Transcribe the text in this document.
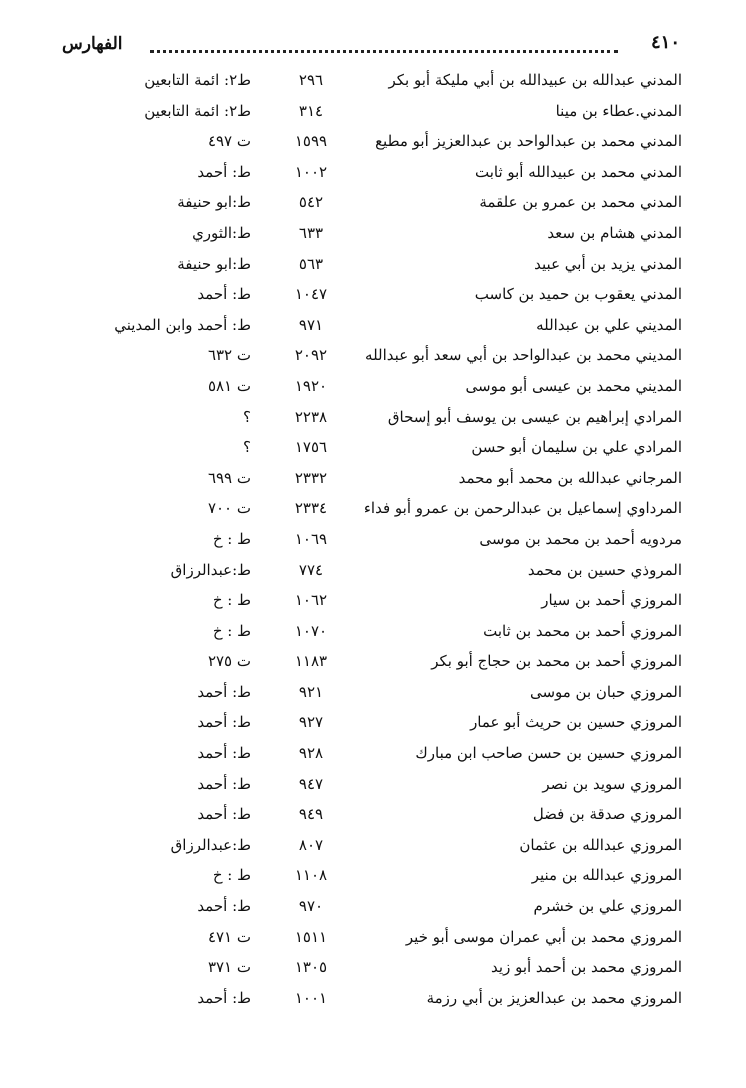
٤١٠
الفهارس
المدني عبدالله بن عبيدالله بن أبي مليكة أبو بكر
٢٩٦
ط٢: ائمة التابعين
المدني.عطاء بن مينا
٣١٤
ط٢: ائمة التابعين
المدني محمد بن عبدالواحد بن عبدالعزيز أبو مطيع
١٥٩٩
ت ٤٩٧
المدني محمد بن عبيدالله أبو ثابت
١٠٠٢
ط: أحمد
المدني محمد بن عمرو بن علقمة
٥٤٢
ط:ابو حنيفة
المدني هشام بن سعد
٦٣٣
ط:الثوري
المدني يزيد بن أبي عبيد
٥٦٣
ط:ابو حنيفة
المدني يعقوب بن حميد بن كاسب
١٠٤٧
ط: أحمد
المديني علي بن عبدالله
٩٧١
ط: أحمد وابن المديني
المديني محمد بن عبدالواحد بن أبي سعد أبو عبدالله
٢٠٩٢
ت ٦٣٢
المديني محمد بن عيسى أبو موسى
١٩٢٠
ت ٥٨١
المرادي إبراهيم بن عيسى بن يوسف أبو إسحاق
٢٢٣٨
؟
المرادي علي بن سليمان أبو حسن
١٧٥٦
؟
المرجاني عبدالله بن محمد أبو محمد
٢٣٣٢
ت ٦٩٩
المرداوي إسماعيل بن عبدالرحمن بن عمرو أبو فداء
٢٣٣٤
ت ٧٠٠
مردويه أحمد بن محمد بن موسى
١٠٦٩
ط : خ
المروذي حسين بن محمد
٧٧٤
ط:عبدالرزاق
المروزي أحمد بن سيار
١٠٦٢
ط : خ
المروزي أحمد بن محمد بن ثابت
١٠٧٠
ط : خ
المروزي أحمد بن محمد بن حجاج أبو بكر
١١٨٣
ت ٢٧٥
المروزي حبان بن موسى
٩٢١
ط: أحمد
المروزي حسين بن حريث أبو عمار
٩٢٧
ط: أحمد
المروزي حسين بن حسن صاحب ابن مبارك
٩٢٨
ط: أحمد
المروزي سويد بن نصر
٩٤٧
ط: أحمد
المروزي صدقة بن فضل
٩٤٩
ط: أحمد
المروزي عبدالله بن عثمان
٨٠٧
ط:عبدالرزاق
المروزي عبدالله بن منير
١١٠٨
ط : خ
المروزي علي بن خشرم
٩٧٠
ط: أحمد
المروزي محمد بن أبي عمران موسى أبو خير
١٥١١
ت ٤٧١
المروزي محمد بن أحمد أبو زيد
١٣٠٥
ت ٣٧١
المروزي محمد بن عبدالعزيز بن أبي رزمة
١٠٠١
ط: أحمد
